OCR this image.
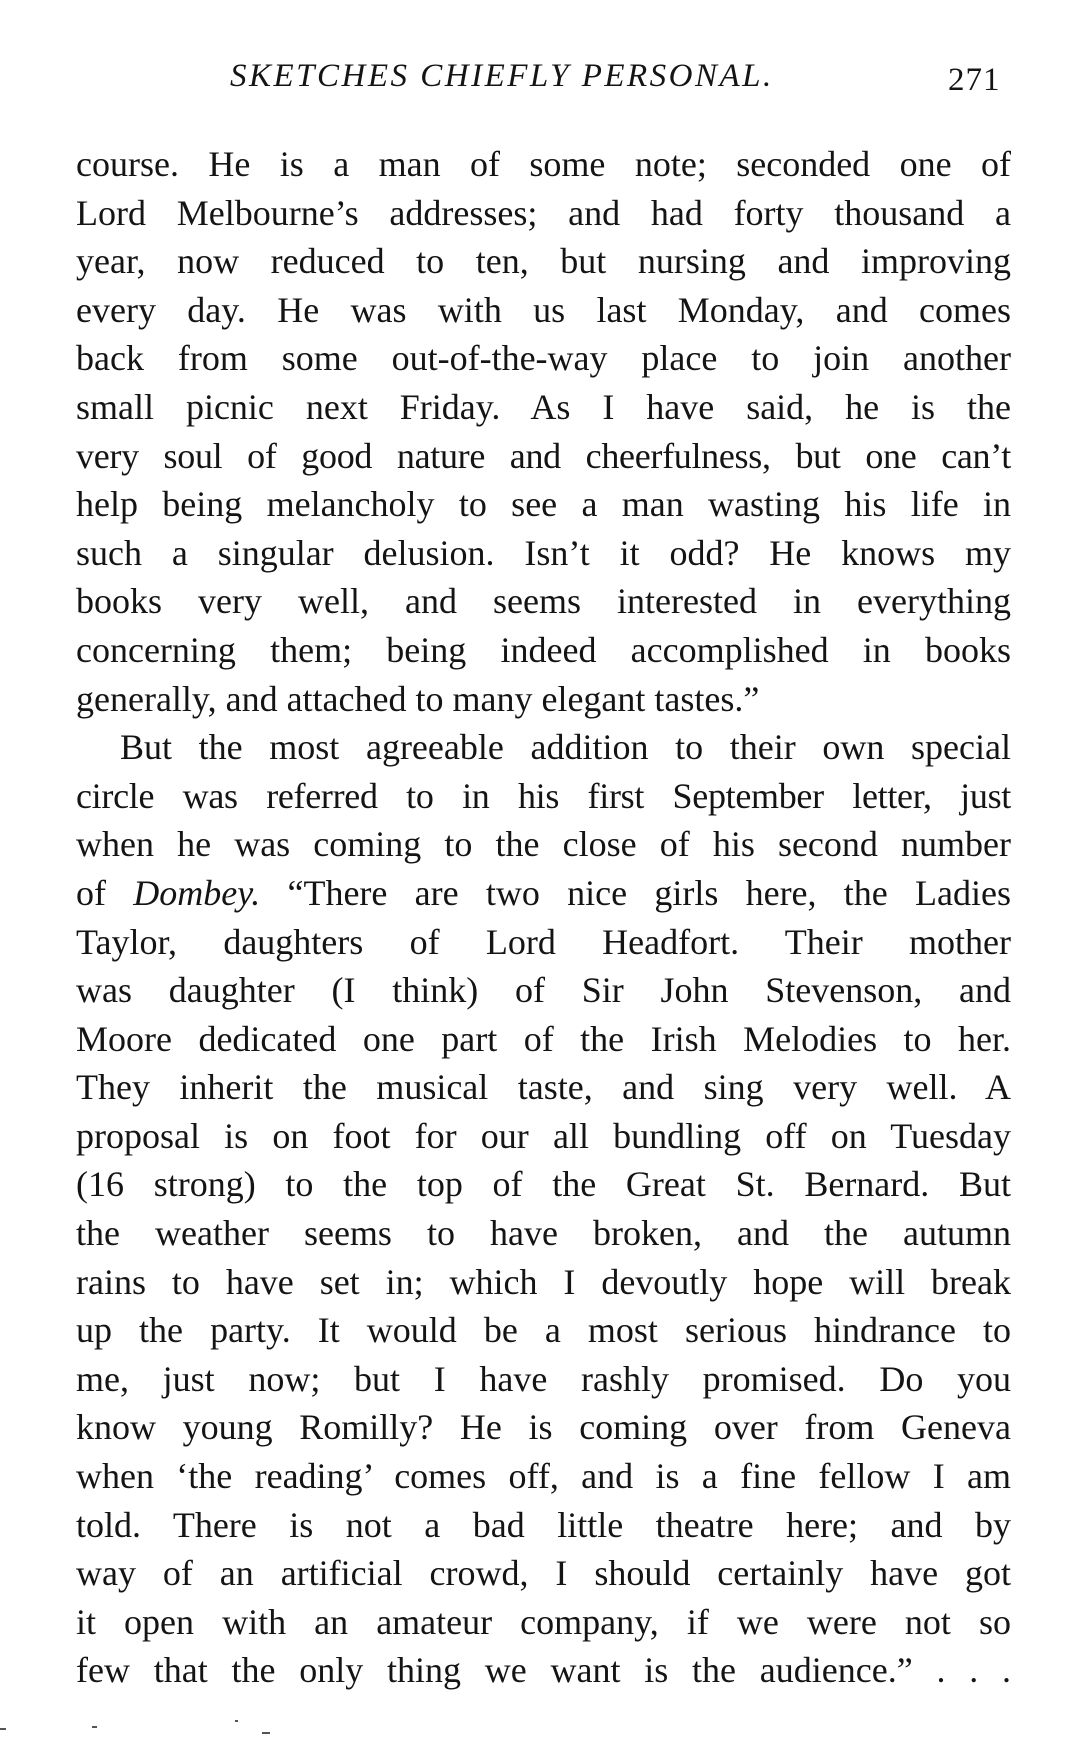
SKETCHES CHIEFLY PERSONAL.	271
course. He is a man of some note; seconded one of
Lord Melbourne’s addresses; and had forty thousand a
year, now reduced to ten, but nursing and improving
every day. He was with us last Monday, and comes
back from some out-of-the-way place to join another
small picnic next Friday. As I have said, he is the
very soul of good nature and cheerfulness, but one can’t
help being melancholy to see a man wasting his life in
such a singular delusion. Isn’t it odd? He knows my
books very well, and seems interested in everything
concerning them; being indeed accomplished in books
generally, and attached to many elegant tastes.”
But the most agreeable addition to their own special
circle was referred to in his first September letter, just
when he was coming to the close of his second number
of Dombey. “There are two nice girls here, the Ladies
Taylor, daughters of Lord Headfort. Their mother
was daughter (I think) of Sir John Stevenson, and
Moore dedicated one part of the Irish Melodies to her.
They inherit the musical taste, and sing very well. A
proposal is on foot for our all bundling off on Tuesday
(16 strong) to the top of the Great St. Bernard. But
the weather seems to have broken, and the autumn
rains to have set in; which I devoutly hope will break
up the party. It would be a most serious hindrance to
me, just now; but I have rashly promised. Do you
know young Romilly? He is coming over from Geneva
when ‘the reading’ comes off, and is a fine fellow I am
told. There is not a bad little theatre here; and by
way of an artificial crowd, I should certainly have got
it open with an amateur company, if we were not so
few that the only thing we want is the audience.” . . .
